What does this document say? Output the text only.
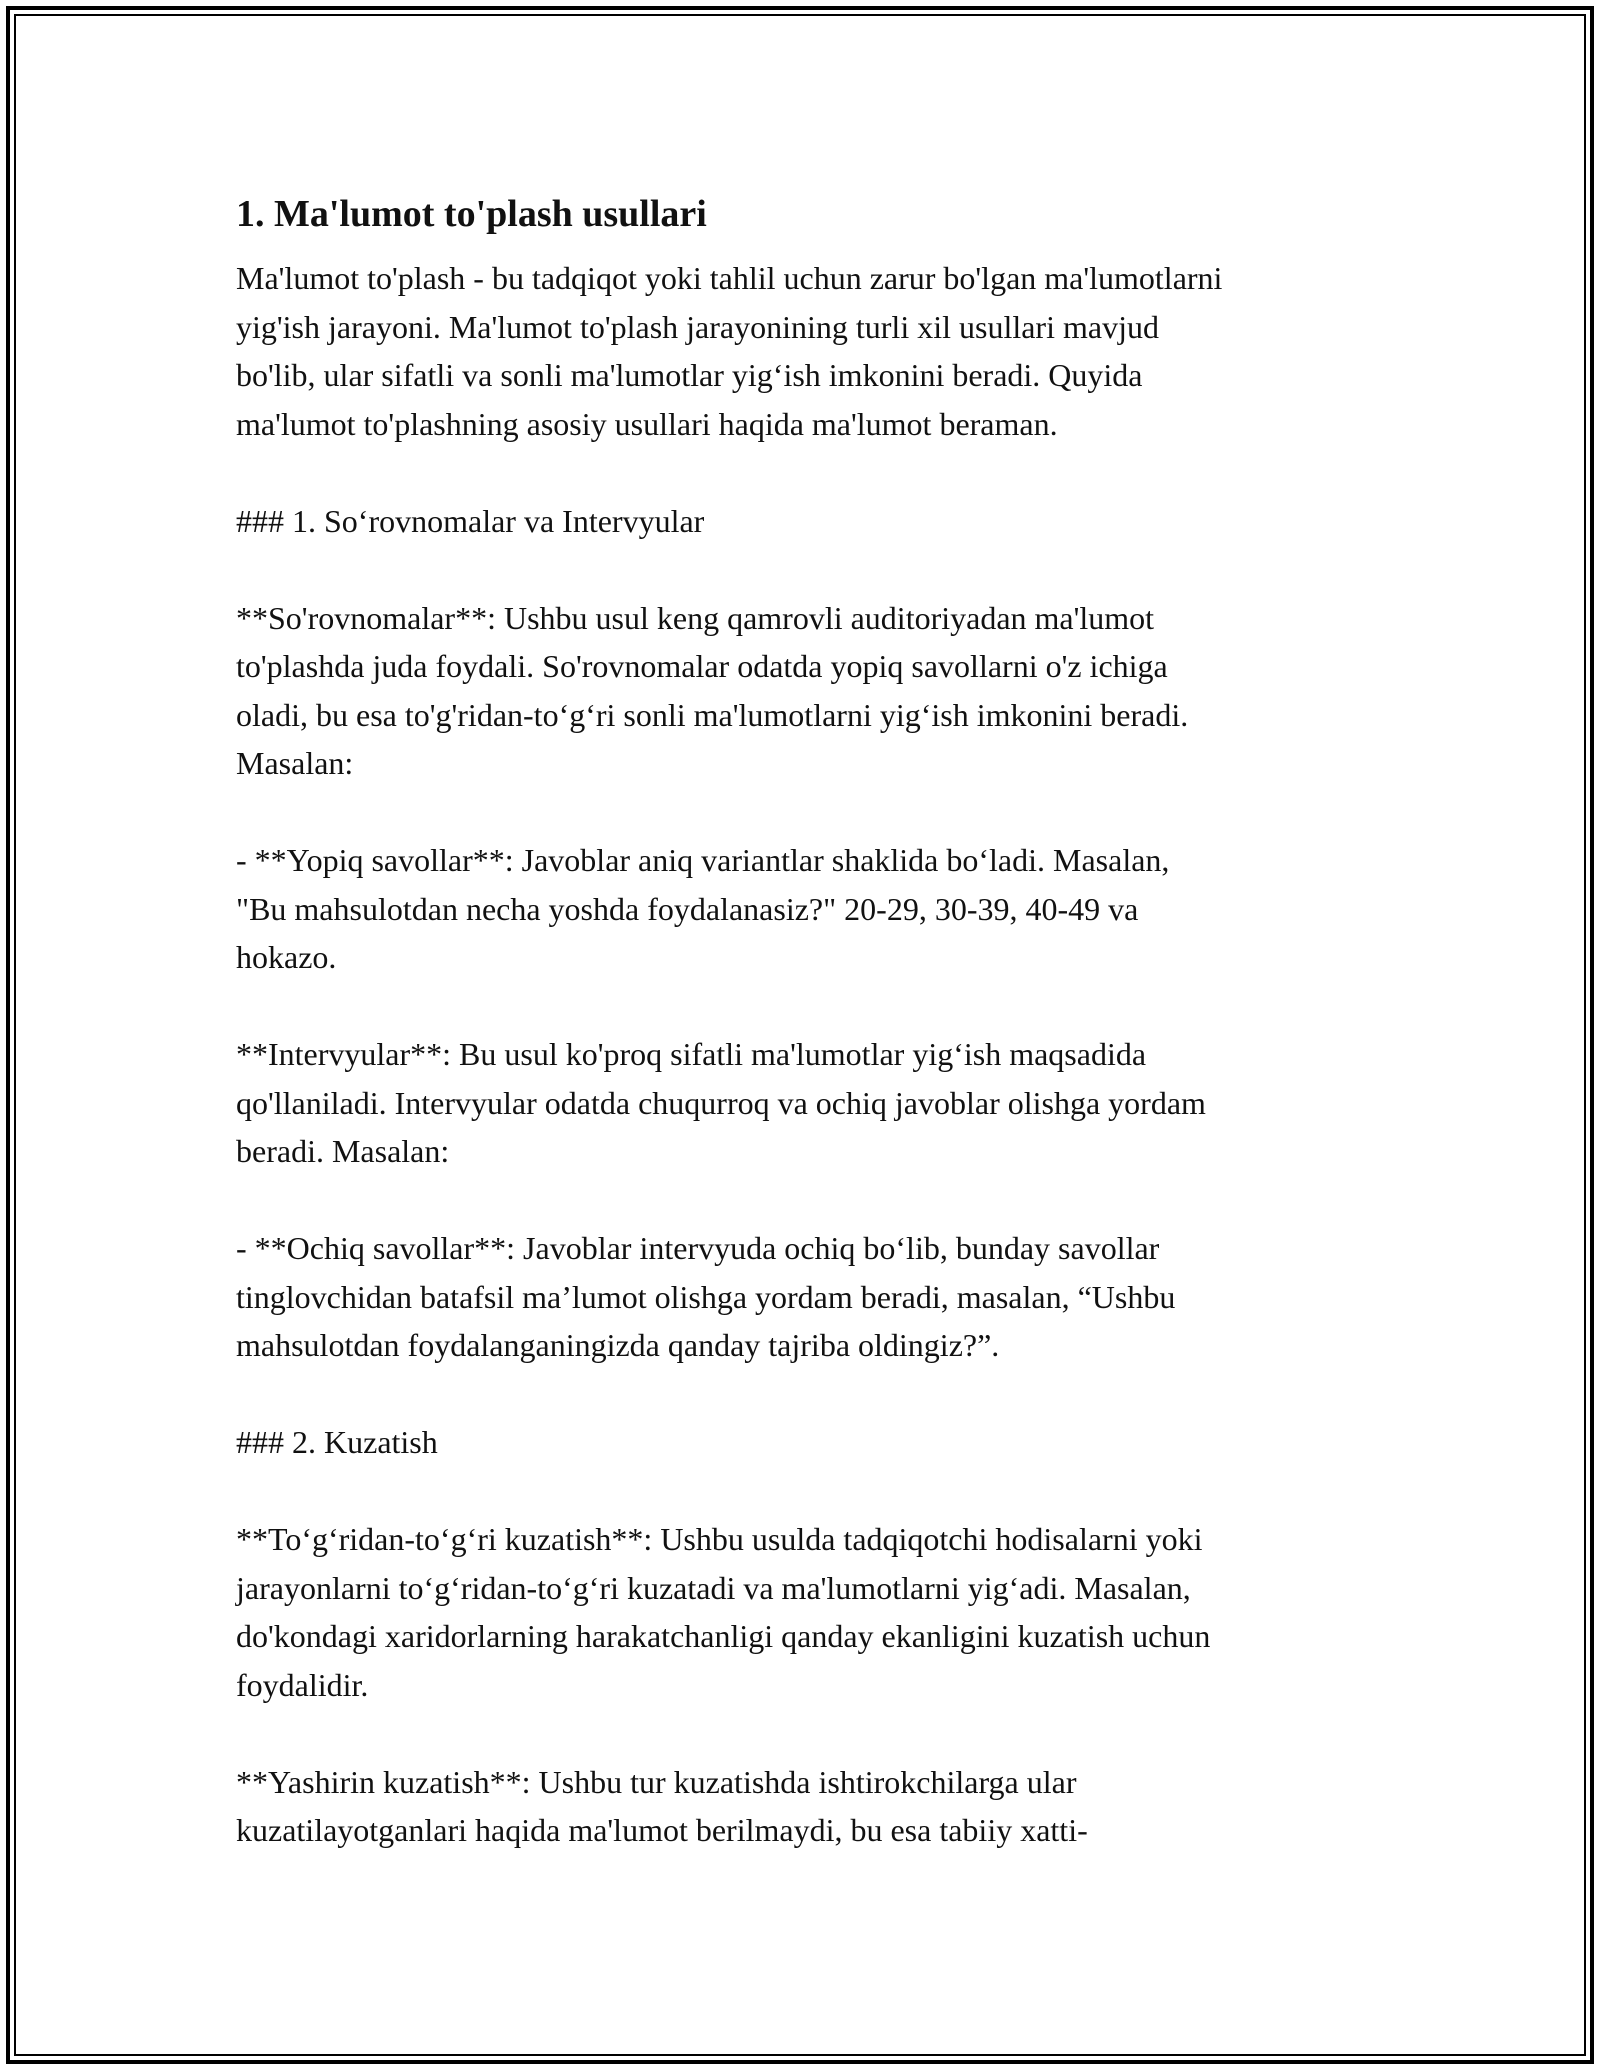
1. Ma'lumot to'plash usullari

Ma'lumot to'plash - bu tadqiqot yoki tahlil uchun zarur bo'lgan ma'lumotlarni
yig'ish jarayoni. Ma'lumot to'plash jarayonining turli xil usullari mavjud
bo'lib, ular sifatli va sonli ma'lumotlar yig‘ish imkonini beradi. Quyida
ma'lumot to'plashning asosiy usullari haqida ma'lumot beraman.

### 1. So‘rovnomalar va Intervyular

**So'rovnomalar**: Ushbu usul keng qamrovli auditoriyadan ma'lumot
to'plashda juda foydali. So'rovnomalar odatda yopiq savollarni o'z ichiga
oladi, bu esa to'g'ridan-to‘g‘ri sonli ma'lumotlarni yig‘ish imkonini beradi.
Masalan:

- **Yopiq savollar**: Javoblar aniq variantlar shaklida bo‘ladi. Masalan,
"Bu mahsulotdan necha yoshda foydalanasiz?" 20-29, 30-39, 40-49 va
hokazo.

**Intervyular**: Bu usul ko'proq sifatli ma'lumotlar yig‘ish maqsadida
qo'llaniladi. Intervyular odatda chuqurroq va ochiq javoblar olishga yordam
beradi. Masalan:

- **Ochiq savollar**: Javoblar intervyuda ochiq bo‘lib, bunday savollar
tinglovchidan batafsil ma’lumot olishga yordam beradi, masalan, “Ushbu
mahsulotdan foydalanganingizda qanday tajriba oldingiz?”.

### 2. Kuzatish

**To‘g‘ridan-to‘g‘ri kuzatish**: Ushbu usulda tadqiqotchi hodisalarni yoki
jarayonlarni to‘g‘ridan-to‘g‘ri kuzatadi va ma'lumotlarni yig‘adi. Masalan,
do'kondagi xaridorlarning harakatchanligi qanday ekanligini kuzatish uchun
foydalidir.

**Yashirin kuzatish**: Ushbu tur kuzatishda ishtirokchilarga ular
kuzatilayotganlari haqida ma'lumot berilmaydi, bu esa tabiiy xatti-
